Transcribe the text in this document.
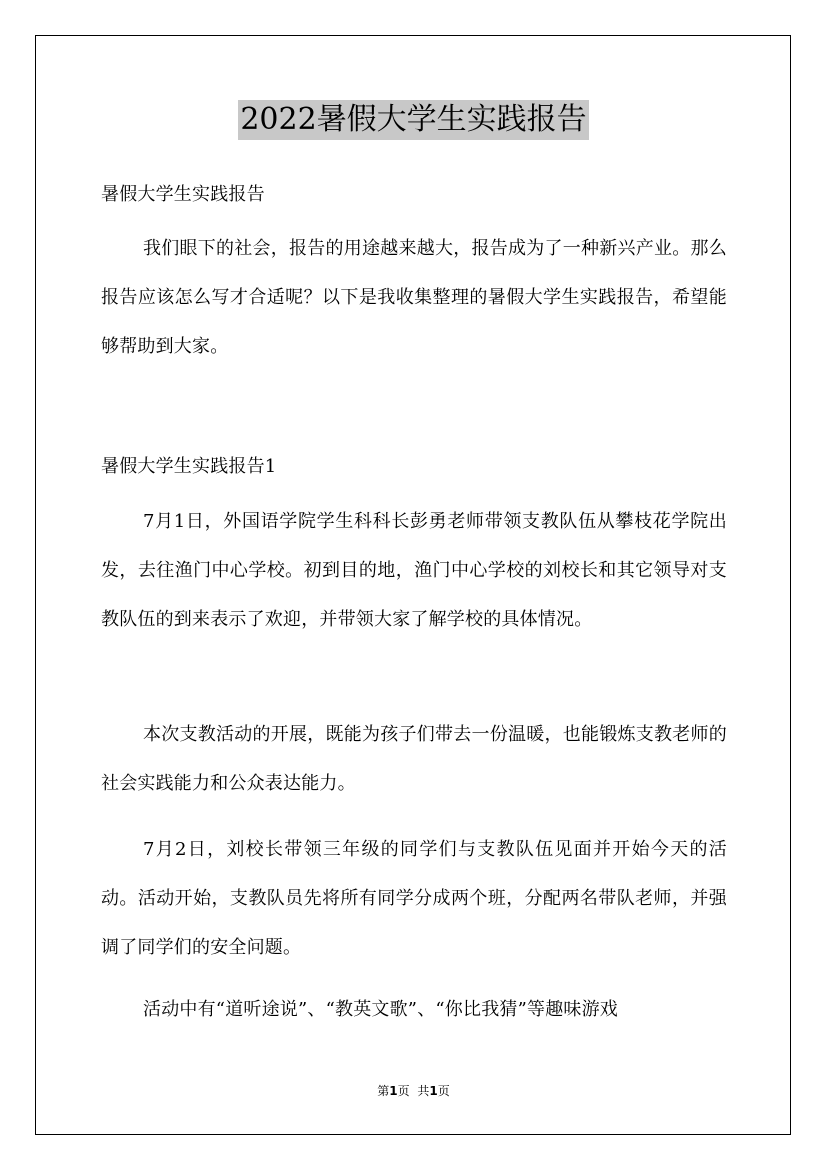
2022暑假大学生实践报告
暑假大学生实践报告

我们眼下的社会，报告的用途越来越大，报告成为了一种新兴产业。那么报告应该怎么写才合适呢？以下是我收集整理的暑假大学生实践报告，希望能够帮助到大家。

暑假大学生实践报告1

7月1日，外国语学院学生科科长彭勇老师带领支教队伍从攀枝花学院出发，去往渔门中心学校。初到目的地，渔门中心学校的刘校长和其它领导对支教队伍的到来表示了欢迎，并带领大家了解学校的具体情况。

本次支教活动的开展，既能为孩子们带去一份温暖，也能锻炼支教老师的社会实践能力和公众表达能力。

7月2日，刘校长带领三年级的同学们与支教队伍见面并开始今天的活动。活动开始，支教队员先将所有同学分成两个班，分配两名带队老师，并强调了同学们的安全问题。

活动中有“道听途说”、“教英文歌”、“你比我猜”等趣味游戏

第1页 共1页
